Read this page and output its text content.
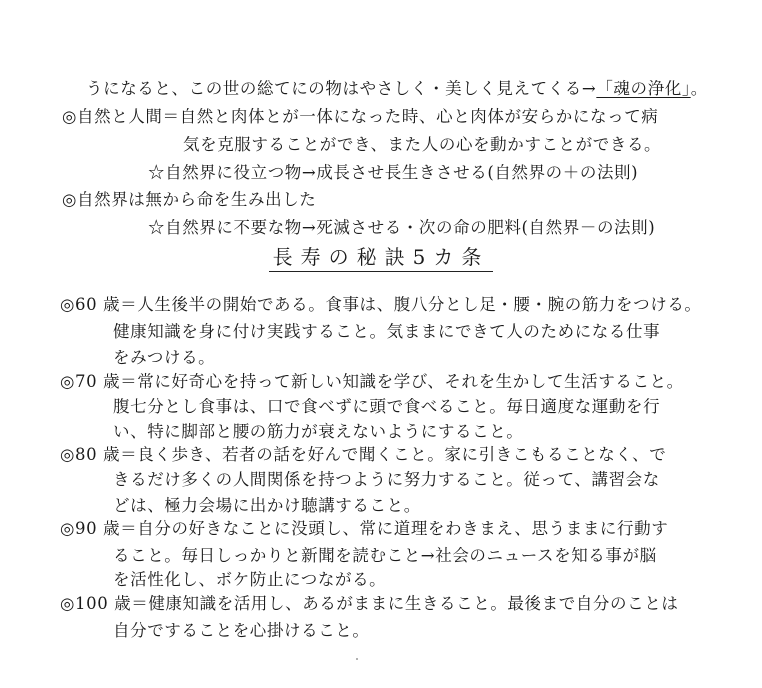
うになると、この世の総てにの物はやさしく・美しく見えてくる→「魂の浄化」。
◎自然と人間＝自然と肉体とが一体になった時、心と肉体が安らかになって病
気を克服することができ、また人の心を動かすことができる。
☆自然界に役立つ物→成長させ長生きさせる(自然界の＋の法則)
◎自然界は無から命を生み出した
☆自然界に不要な物→死滅させる・次の命の肥料(自然界－の法則)
長寿の秘訣5カ条
◎60 歳＝人生後半の開始である。食事は、腹八分とし足・腰・腕の筋力をつける。
健康知識を身に付け実践すること。気ままにできて人のためになる仕事
をみつける。
◎70 歳＝常に好奇心を持って新しい知識を学び、それを生かして生活すること。
腹七分とし食事は、口で食べずに頭で食べること。毎日適度な運動を行
い、特に脚部と腰の筋力が衰えないようにすること。
◎80 歳＝良く歩き、若者の話を好んで聞くこと。家に引きこもることなく、で
きるだけ多くの人間関係を持つように努力すること。従って、講習会な
どは、極力会場に出かけ聴講すること。
◎90 歳＝自分の好きなことに没頭し、常に道理をわきまえ、思うままに行動す
ること。毎日しっかりと新聞を読むこと→社会のニュースを知る事が脳
を活性化し、ボケ防止につながる。
◎100 歳＝健康知識を活用し、あるがままに生きること。最後まで自分のことは
自分ですることを心掛けること。
